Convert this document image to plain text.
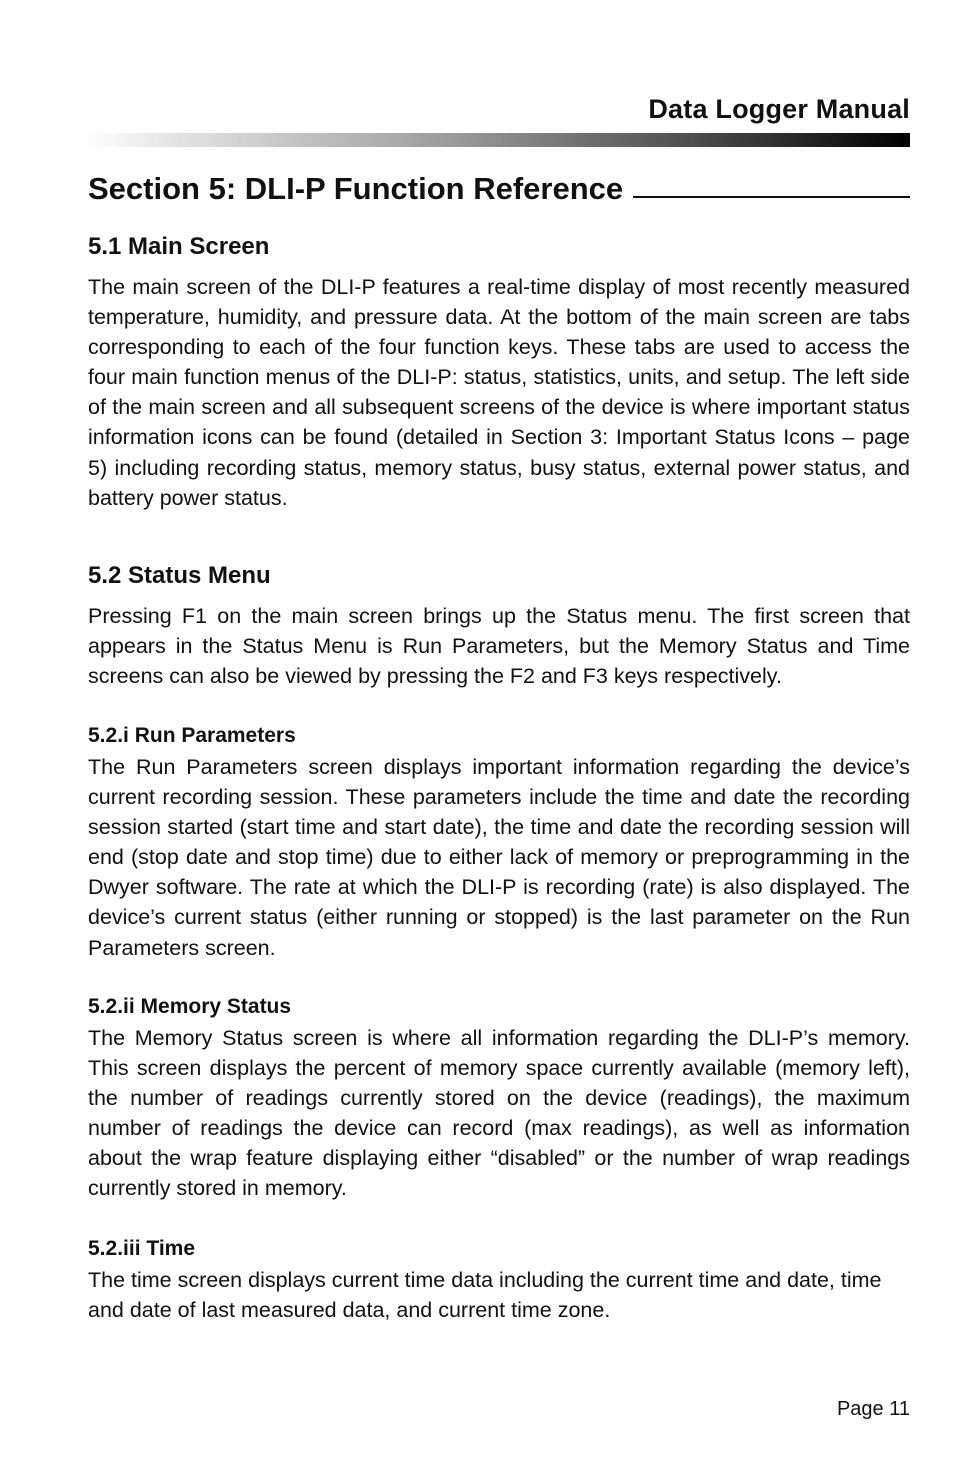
Data Logger Manual
Section 5: DLI-P Function Reference
5.1 Main Screen

The main screen of the DLI-P features a real-time display of most recently measured temperature, humidity, and pressure data. At the bottom of the main screen are tabs corresponding to each of the four function keys. These tabs are used to access the four main function menus of the DLI-P: status, statistics, units, and setup. The left side of the main screen and all subsequent screens of the device is where important status information icons can be found (detailed in Section 3: Important Status Icons – page 5) including recording status, memory status, busy status, external power status, and battery power status.

5.2 Status Menu

Pressing F1 on the main screen brings up the Status menu. The first screen that appears in the Status Menu is Run Parameters, but the Memory Status and Time screens can also be viewed by pressing the F2 and F3 keys respectively.

5.2.i Run Parameters

The Run Parameters screen displays important information regarding the device’s current recording session. These parameters include the time and date the recording session started (start time and start date), the time and date the recording session will end (stop date and stop time) due to either lack of memory or preprogramming in the Dwyer software. The rate at which the DLI-P is recording (rate) is also displayed. The device’s current status (either running or stopped) is the last parameter on the Run Parameters screen.

5.2.ii Memory Status

The Memory Status screen is where all information regarding the DLI-P’s memory. This screen displays the percent of memory space currently available (memory left), the number of readings currently stored on the device (readings), the maximum number of readings the device can record (max readings), as well as information about the wrap feature displaying either “disabled” or the number of wrap readings currently stored in memory.

5.2.iii Time

The time screen displays current time data including the current time and date, time and date of last measured data, and current time zone.

Page 11
